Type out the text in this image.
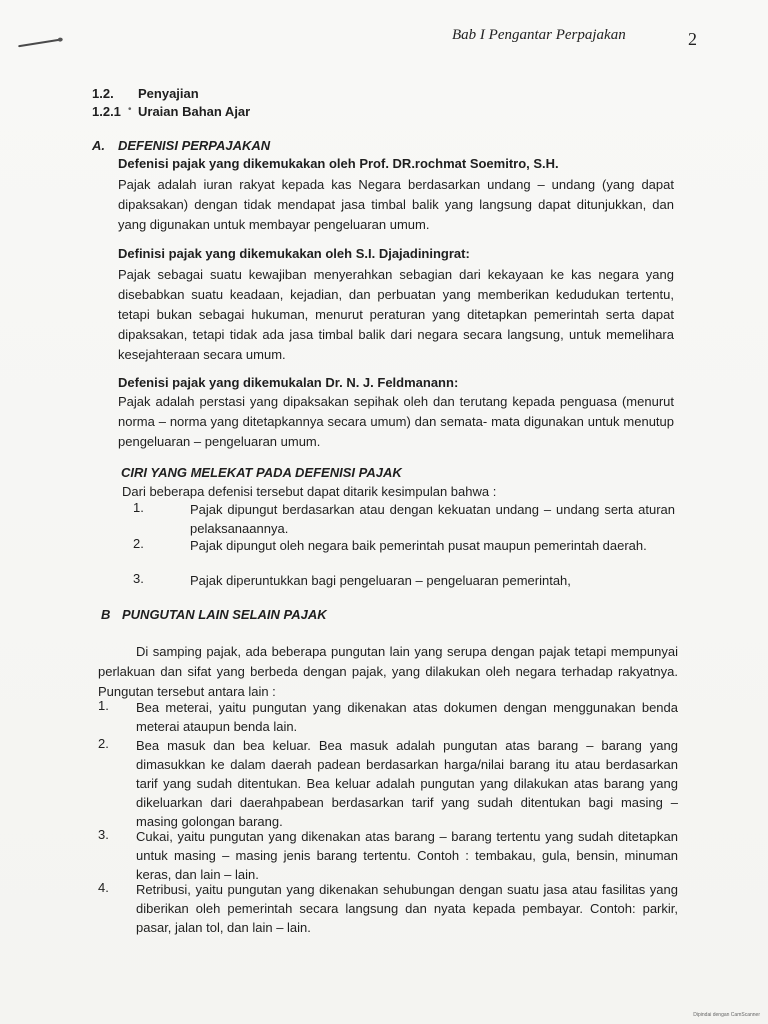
Bab I Pengantar Perpajakan	2
1.2. Penyajian
1.2.1 • Uraian Bahan Ajar
A. DEFENISI PERPAJAKAN
Defenisi pajak yang dikemukakan oleh Prof. DR.rochmat Soemitro, S.H.
Pajak adalah iuran rakyat kepada kas Negara berdasarkan undang – undang (yang dapat dipaksakan) dengan tidak mendapat jasa timbal balik yang langsung dapat ditunjukkan, dan yang digunakan untuk membayar pengeluaran umum.
Definisi pajak yang dikemukakan oleh S.I. Djajadiningrat:
Pajak sebagai suatu kewajiban menyerahkan sebagian dari kekayaan ke kas negara yang disebabkan suatu keadaan, kejadian, dan perbuatan yang memberikan kedudukan tertentu, tetapi bukan sebagai hukuman, menurut peraturan yang ditetapkan pemerintah serta dapat dipaksakan, tetapi tidak ada jasa timbal balik dari negara secara langsung, untuk memelihara kesejahteraan secara umum.
Defenisi pajak yang dikemukalan Dr. N. J. Feldmanann:
Pajak adalah perstasi yang dipaksakan sepihak oleh dan terutang kepada penguasa (menurut norma – norma yang ditetapkannya secara umum) dan semata- mata digunakan untuk menutup pengeluaran – pengeluaran umum.
CIRI YANG MELEKAT PADA DEFENISI PAJAK
Dari beberapa defenisi tersebut dapat ditarik kesimpulan bahwa :
1.	Pajak dipungut berdasarkan atau dengan kekuatan undang – undang serta aturan pelaksanaannya.
2.	Pajak dipungut oleh negara baik pemerintah pusat maupun pemerintah daerah.
3.	Pajak diperuntukkan bagi pengeluaran – pengeluaran pemerintah,
B PUNGUTAN LAIN SELAIN PAJAK
Di samping pajak, ada beberapa pungutan lain yang serupa dengan pajak tetapi mempunyai perlakuan dan sifat yang berbeda dengan pajak, yang dilakukan oleh negara terhadap rakyatnya. Pungutan tersebut antara lain :
1. Bea meterai, yaitu pungutan yang dikenakan atas dokumen dengan menggunakan benda meterai ataupun benda lain.
2. Bea masuk dan bea keluar. Bea masuk adalah pungutan atas barang – barang yang dimasukkan ke dalam daerah padean berdasarkan harga/nilai barang itu atau berdasarkan tarif yang sudah ditentukan. Bea keluar adalah pungutan yang dilakukan atas barang yang dikeluarkan dari daerahpabean berdasarkan tarif yang sudah ditentukan bagi masing – masing golongan barang.
3. Cukai, yaitu pungutan yang dikenakan atas barang – barang tertentu yang sudah ditetapkan untuk masing – masing jenis barang tertentu. Contoh : tembakau, gula, bensin, minuman keras, dan lain – lain.
4. Retribusi, yaitu pungutan yang dikenakan sehubungan dengan suatu jasa atau fasilitas yang diberikan oleh pemerintah secara langsung dan nyata kepada pembayar. Contoh: parkir, pasar, jalan tol, dan lain – lain.
Dipindai dengan CamScanner
